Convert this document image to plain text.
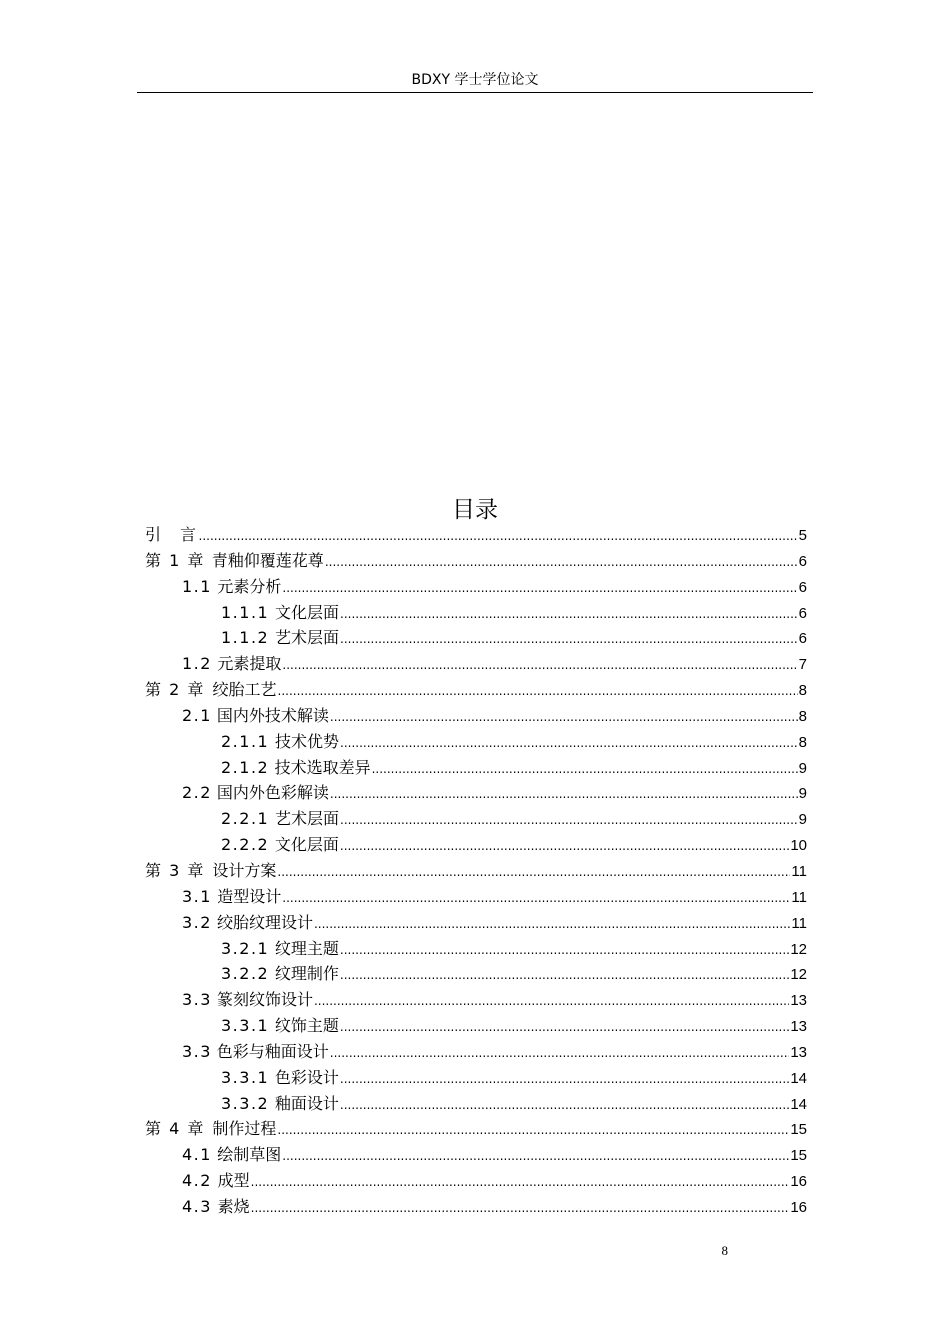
BDXY 学士学位论文
目录
引　言 .....	5
第 1 章 青釉仰覆莲花尊 .....	6
1.1 元素分析 .....	6
1.1.1 文化层面 .....	6
1.1.2 艺术层面 .....	6
1.2 元素提取 .....	7
第 2 章 绞胎工艺 .....	8
2.1 国内外技术解读 .....	8
2.1.1 技术优势 .....	8
2.1.2 技术选取差异 .....	9
2.2 国内外色彩解读 .....	9
2.2.1 艺术层面 .....	9
2.2.2 文化层面 .....	10
第 3 章 设计方案 .....	11
3.1 造型设计 .....	11
3.2 绞胎纹理设计 .....	11
3.2.1 纹理主题 .....	12
3.2.2 纹理制作 .....	12
3.3 篆刻纹饰设计 .....	13
3.3.1 纹饰主题 .....	13
3.3 色彩与釉面设计 .....	13
3.3.1 色彩设计 .....	14
3.3.2 釉面设计 .....	14
第 4 章 制作过程 .....	15
4.1 绘制草图 .....	15
4.2 成型 .....	16
4.3 素烧 .....	16
8
